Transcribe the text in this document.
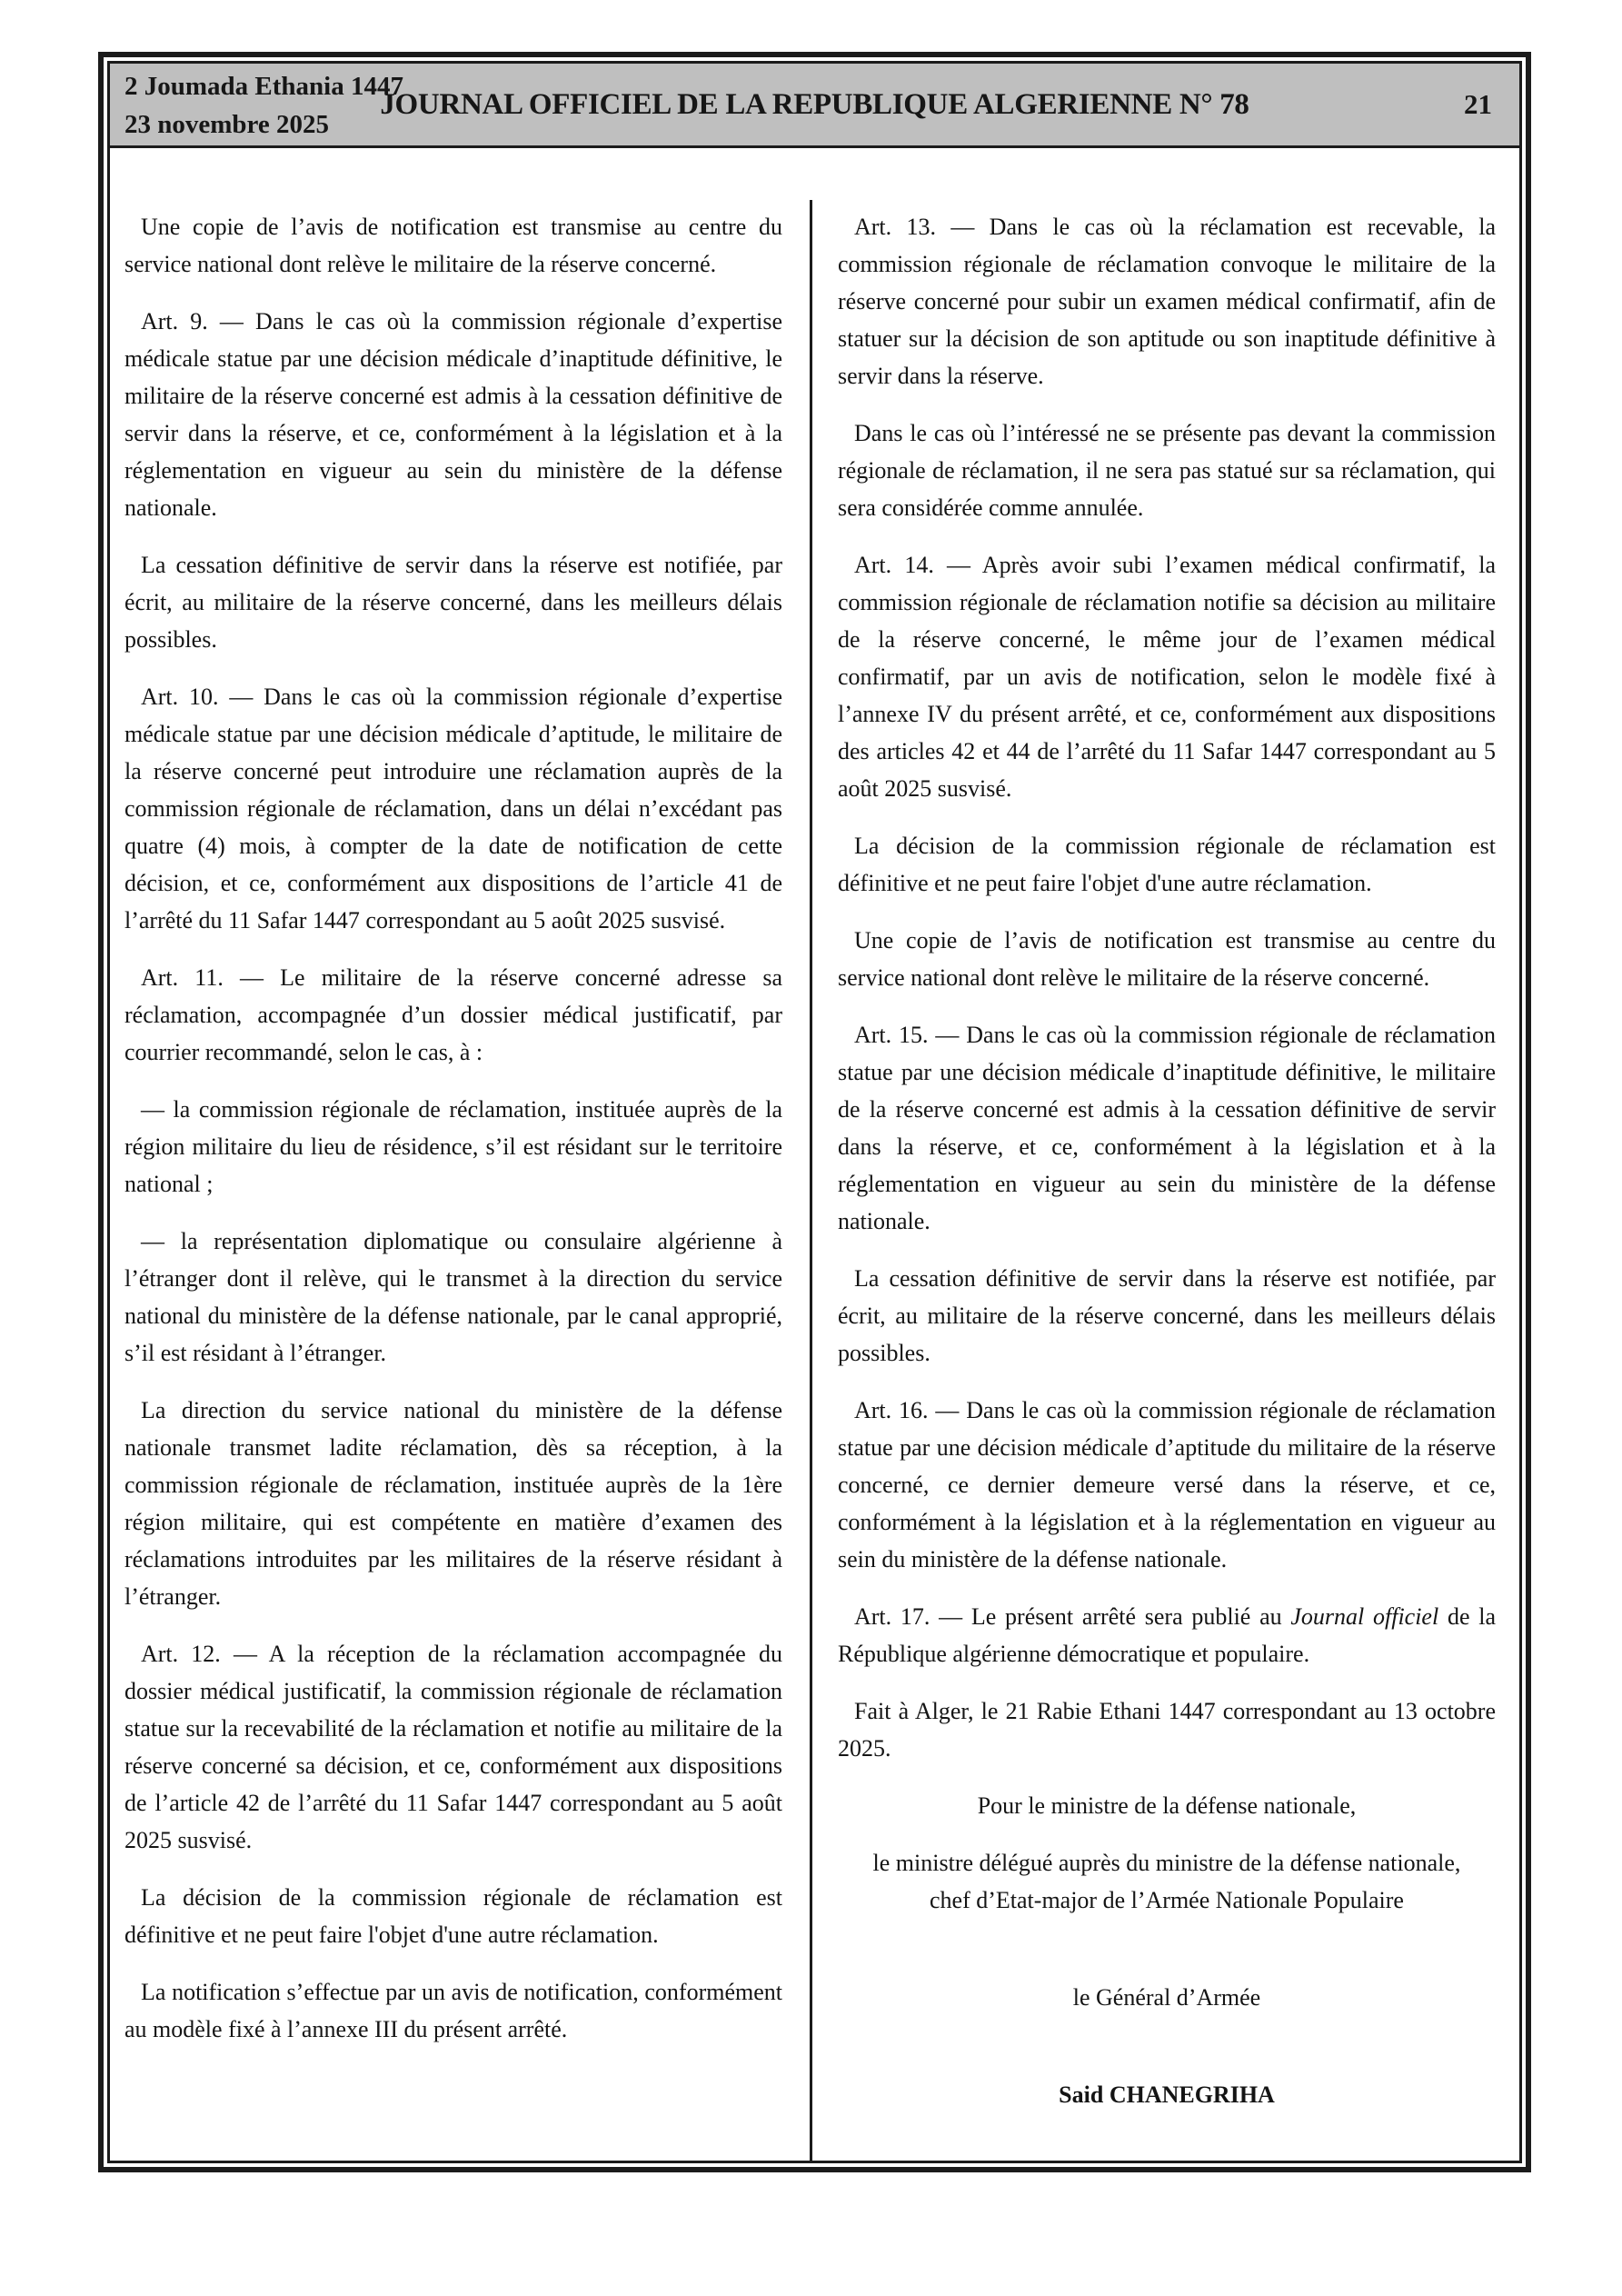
2 Joumada Ethania 1447
23 novembre 2025
JOURNAL OFFICIEL DE LA REPUBLIQUE ALGERIENNE N° 78	21

Une copie de l’avis de notification est transmise au centre du service national dont relève le militaire de la réserve concerné.

Art. 9. — Dans le cas où la commission régionale d’expertise médicale statue par une décision médicale d’inaptitude définitive, le militaire de la réserve concerné est admis à la cessation définitive de servir dans la réserve, et ce, conformément à la législation et à la réglementation en vigueur au sein du ministère de la défense nationale.

La cessation définitive de servir dans la réserve est notifiée, par écrit, au militaire de la réserve concerné, dans les meilleurs délais possibles.

Art. 10. — Dans le cas où la commission régionale d’expertise médicale statue par une décision médicale d’aptitude, le militaire de la réserve concerné peut introduire une réclamation auprès de la commission régionale de réclamation, dans un délai n’excédant pas quatre (4) mois, à compter de la date de notification de cette décision, et ce, conformément aux dispositions de l’article 41 de l’arrêté du 11 Safar 1447 correspondant au 5 août 2025 susvisé.

Art. 11. — Le militaire de la réserve concerné adresse sa réclamation, accompagnée d’un dossier médical justificatif, par courrier recommandé, selon le cas, à :

— la commission régionale de réclamation, instituée auprès de la région militaire du lieu de résidence, s’il est résidant sur le territoire national ;

— la représentation diplomatique ou consulaire algérienne à l’étranger dont il relève, qui le transmet à la direction du service national du ministère de la défense nationale, par le canal approprié, s’il est résidant à l’étranger.

La direction du service national du ministère de la défense nationale transmet ladite réclamation, dès sa réception, à la commission régionale de réclamation, instituée auprès de la 1ère région militaire, qui est compétente en matière d’examen des réclamations introduites par les militaires de la réserve résidant à l’étranger.

Art. 12. — A la réception de la réclamation accompagnée du dossier médical justificatif, la commission régionale de réclamation statue sur la recevabilité de la réclamation et notifie au militaire de la réserve concerné sa décision, et ce, conformément aux dispositions de l’article 42 de l’arrêté du 11 Safar 1447 correspondant au 5 août 2025 susvisé.

La décision de la commission régionale de réclamation est définitive et ne peut faire l'objet d'une autre réclamation.

La notification s’effectue par un avis de notification, conformément au modèle fixé à l’annexe III du présent arrêté.

Art. 13. — Dans le cas où la réclamation est recevable, la commission régionale de réclamation convoque le militaire de la réserve concerné pour subir un examen médical confirmatif, afin de statuer sur la décision de son aptitude ou son inaptitude définitive à servir dans la réserve.

Dans le cas où l’intéressé ne se présente pas devant la commission régionale de réclamation, il ne sera pas statué sur sa réclamation, qui sera considérée comme annulée.

Art. 14. — Après avoir subi l’examen médical confirmatif, la commission régionale de réclamation notifie sa décision au militaire de la réserve concerné, le même jour de l’examen médical confirmatif, par un avis de notification, selon le modèle fixé à l’annexe IV du présent arrêté, et ce, conformément aux dispositions des articles 42 et 44 de l’arrêté du 11 Safar 1447 correspondant au 5 août 2025 susvisé.

La décision de la commission régionale de réclamation est définitive et ne peut faire l'objet d'une autre réclamation.

Une copie de l’avis de notification est transmise au centre du service national dont relève le militaire de la réserve concerné.

Art. 15. — Dans le cas où la commission régionale de réclamation statue par une décision médicale d’inaptitude définitive, le militaire de la réserve concerné est admis à la cessation définitive de servir dans la réserve, et ce, conformément à la législation et à la réglementation en vigueur au sein du ministère de la défense nationale.

La cessation définitive de servir dans la réserve est notifiée, par écrit, au militaire de la réserve concerné, dans les meilleurs délais possibles.

Art. 16. — Dans le cas où la commission régionale de réclamation statue par une décision médicale d’aptitude du militaire de la réserve concerné, ce dernier demeure versé dans la réserve, et ce, conformément à la législation et à la réglementation en vigueur au sein du ministère de la défense nationale.

Art. 17. — Le présent arrêté sera publié au Journal officiel de la République algérienne démocratique et populaire.

Fait à Alger, le 21 Rabie Ethani 1447 correspondant au 13 octobre 2025.

Pour le ministre de la défense nationale,

le ministre délégué auprès du ministre de la défense nationale,
chef d’Etat-major de l’Armée Nationale Populaire

le Général d’Armée

Said CHANEGRIHA
